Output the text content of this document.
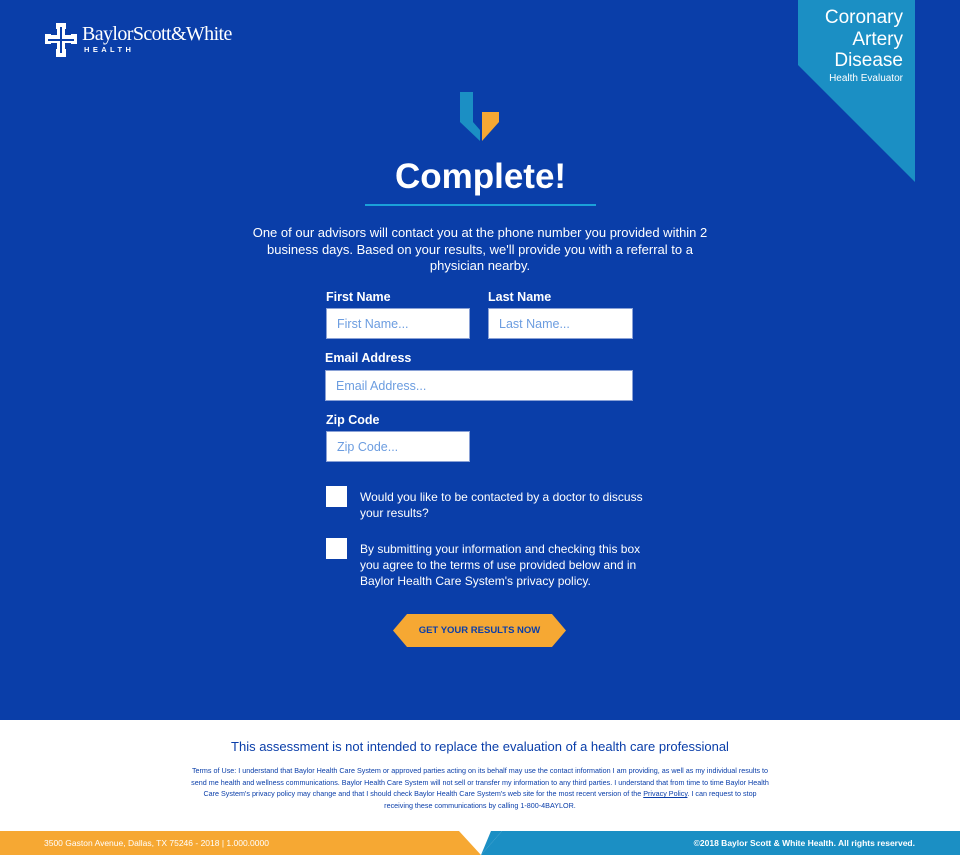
BaylorScott&White
HEALTH
Coronary
Artery
Disease
Health Evaluator
Complete!
One of our advisors will contact you at the phone number you provided within 2 business days. Based on your results, we'll provide you with a referral to a physician nearby.
First Name
First Name...	Last Name
Last Name...
Email Address
Email Address...
Zip Code
Zip Code...
Would you like to be contacted by a doctor to discuss your results?
By submitting your information and checking this box you agree to the terms of use provided below and in Baylor Health Care System's privacy policy.
GET YOUR RESULTS NOW
This assessment is not intended to replace the evaluation of a health care professional
Terms of Use: I understand that Baylor Health Care System or approved parties acting on its behalf may use the contact information I am providing, as well as my individual results to send me health and wellness communications. Baylor Health Care System will not sell or transfer my information to any third parties. I understand that from time to time Baylor Health Care System's privacy policy may change and that I should check Baylor Health Care System's web site for the most recent version of the Privacy Policy. I can request to stop receiving these communications by calling 1-800-4BAYLOR.
3500 Gaston Avenue, Dallas, TX 75246 - 2018 | 1.000.0000	©2018 Baylor Scott & White Health. All rights reserved.
